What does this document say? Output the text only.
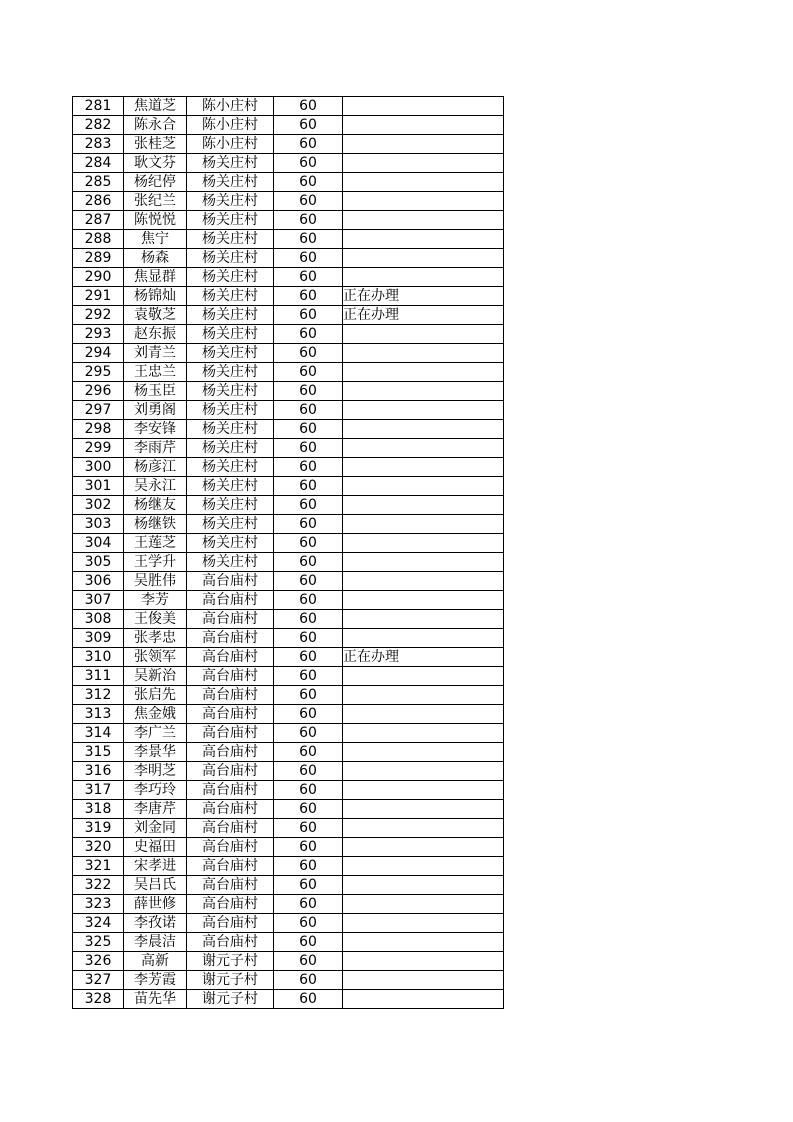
281	焦道芝	陈小庄村	60	
282	陈永合	陈小庄村	60	
283	张桂芝	陈小庄村	60	
284	耿文芬	杨关庄村	60	
285	杨纪停	杨关庄村	60	
286	张纪兰	杨关庄村	60	
287	陈悦悦	杨关庄村	60	
288	焦宁	杨关庄村	60	
289	杨森	杨关庄村	60	
290	焦显群	杨关庄村	60	
291	杨锦灿	杨关庄村	60	正在办理
292	袁敬芝	杨关庄村	60	正在办理
293	赵东振	杨关庄村	60	
294	刘青兰	杨关庄村	60	
295	王忠兰	杨关庄村	60	
296	杨玉臣	杨关庄村	60	
297	刘勇阁	杨关庄村	60	
298	李安锋	杨关庄村	60	
299	李雨芹	杨关庄村	60	
300	杨彦江	杨关庄村	60	
301	吴永江	杨关庄村	60	
302	杨继友	杨关庄村	60	
303	杨继铁	杨关庄村	60	
304	王莲芝	杨关庄村	60	
305	王学升	杨关庄村	60	
306	吴胜伟	高台庙村	60	
307	李芳	高台庙村	60	
308	王俊美	高台庙村	60	
309	张孝忠	高台庙村	60	
310	张领军	高台庙村	60	正在办理
311	吴新治	高台庙村	60	
312	张启先	高台庙村	60	
313	焦金娥	高台庙村	60	
314	李广兰	高台庙村	60	
315	李景华	高台庙村	60	
316	李明芝	高台庙村	60	
317	李巧玲	高台庙村	60	
318	李唐芹	高台庙村	60	
319	刘金同	高台庙村	60	
320	史福田	高台庙村	60	
321	宋孝进	高台庙村	60	
322	吴吕氏	高台庙村	60	
323	薛世修	高台庙村	60	
324	李孜诺	高台庙村	60	
325	李晨洁	高台庙村	60	
326	高新	谢元子村	60	
327	李芳霞	谢元子村	60	
328	苗先华	谢元子村	60	
